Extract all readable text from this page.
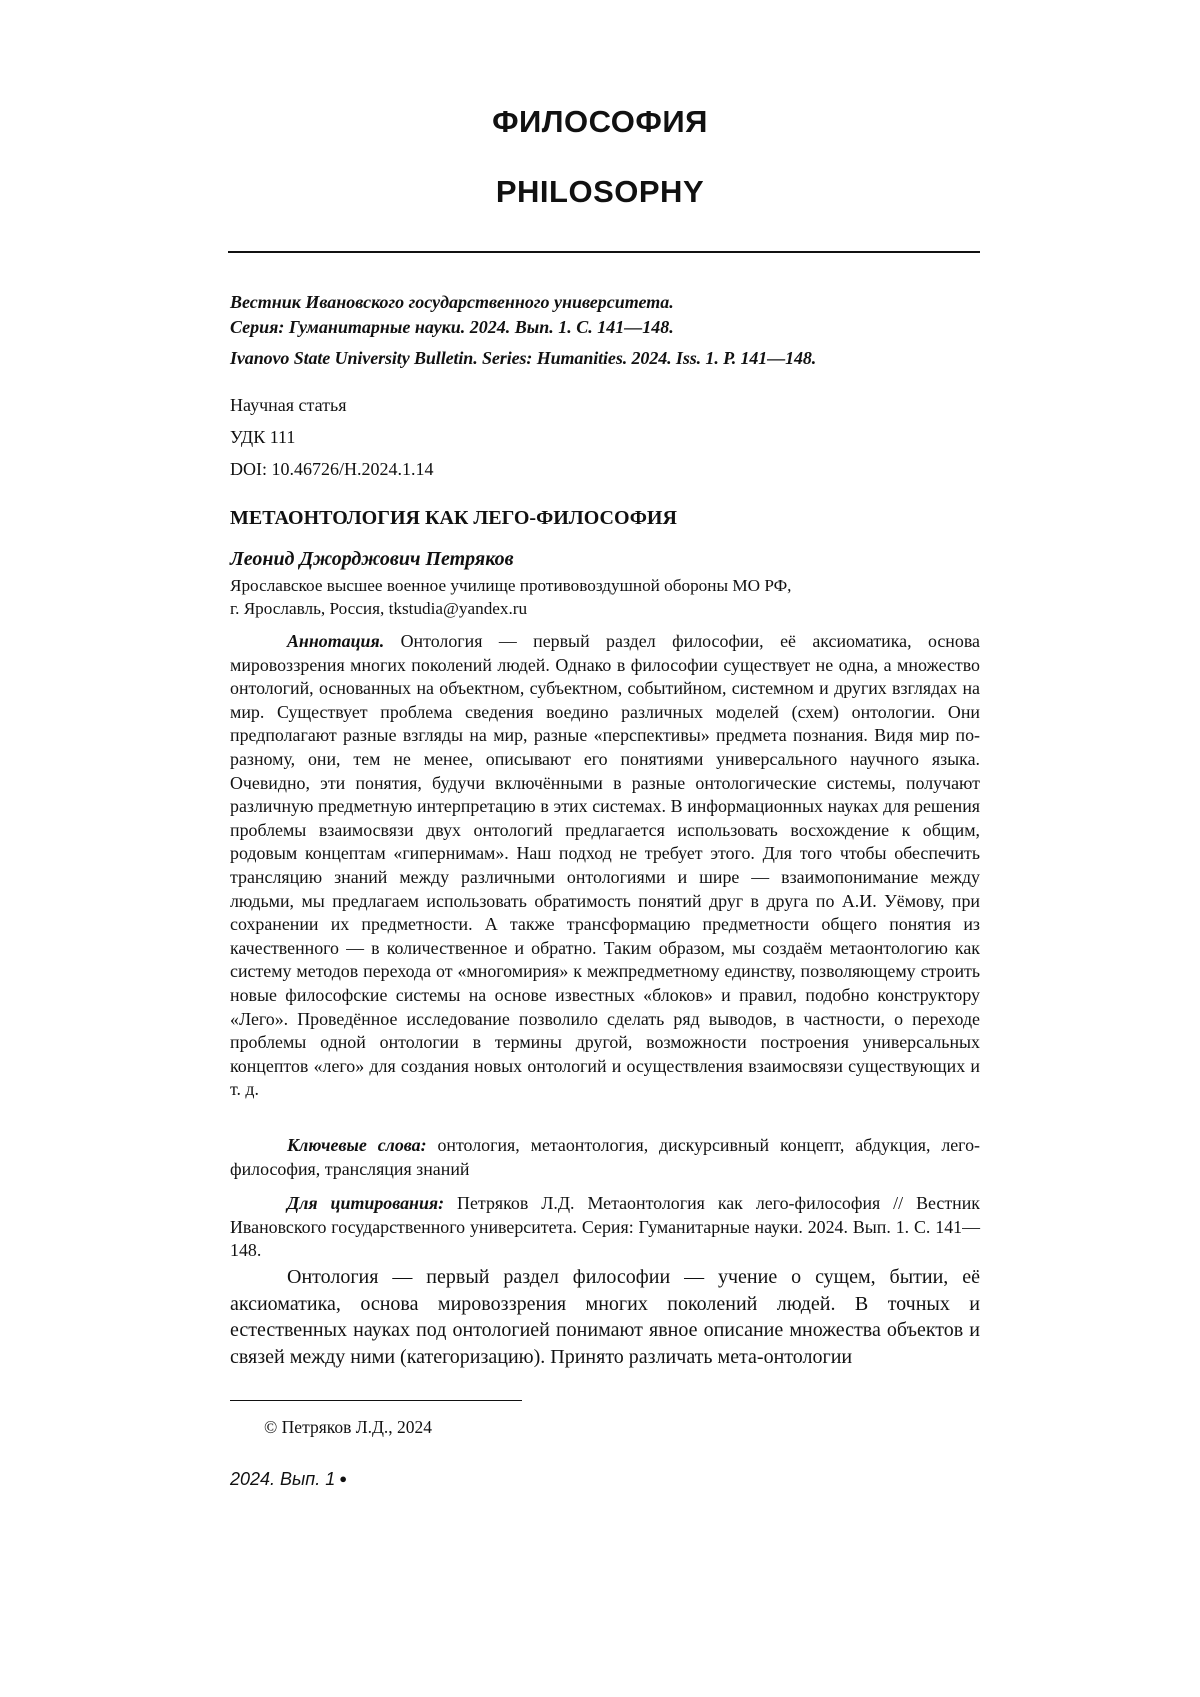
ФИЛОСОФИЯ
PHILOSOPHY
Вестник Ивановского государственного университета.
Серия: Гуманитарные науки. 2024. Вып. 1. С. 141—148.
Ivanovo State University Bulletin. Series: Humanities. 2024. Iss. 1. P. 141—148.
Научная статья
УДК 111
DOI: 10.46726/H.2024.1.14
МЕТАОНТОЛОГИЯ КАК ЛЕГО-ФИЛОСОФИЯ
Леонид Джорджович Петряков
Ярославское высшее военное училище противовоздушной обороны МО РФ,
г. Ярославль, Россия, tkstudia@yandex.ru
Аннотация. Онтология — первый раздел философии, её аксиоматика, основа мировоззрения многих поколений людей. Однако в философии существует не одна, а множество онтологий, основанных на объектном, субъектном, событийном, системном и других взглядах на мир. Существует проблема сведения воедино различных моделей (схем) онтологии. Они предполагают разные взгляды на мир, разные «перспективы» предмета познания. Видя мир по-разному, они, тем не менее, описывают его понятиями универсального научного языка. Очевидно, эти понятия, будучи включёнными в разные онтологические системы, получают различную предметную интерпретацию в этих системах. В информационных науках для решения проблемы взаимосвязи двух онтологий предлагается использовать восхождение к общим, родовым концептам «гипернимам». Наш подход не требует этого. Для того чтобы обеспечить трансляцию знаний между различными онтологиями и шире — взаимопонимание между людьми, мы предлагаем использовать обратимость понятий друг в друга по А.И. Уёмову, при сохранении их предметности. А также трансформацию предметности общего понятия из качественного — в количественное и обратно. Таким образом, мы создаём метаонтологию как систему методов перехода от «многомирия» к межпредметному единству, позволяющему строить новые философские системы на основе известных «блоков» и правил, подобно конструктору «Лего». Проведённое исследование позволило сделать ряд выводов, в частности, о переходе проблемы одной онтологии в термины другой, возможности построения универсальных концептов «лего» для создания новых онтологий и осуществления взаимосвязи существующих и т. д.
Ключевые слова: онтология, метаонтология, дискурсивный концепт, абдукция, лего-философия, трансляция знаний
Для цитирования: Петряков Л.Д. Метаонтология как лего-философия // Вестник Ивановского государственного университета. Серия: Гуманитарные науки. 2024. Вып. 1. С. 141—148.
Онтология — первый раздел философии — учение о сущем, бытии, её аксиоматика, основа мировоззрения многих поколений людей. В точных и естественных науках под онтологией понимают явное описание множества объектов и связей между ними (категоризацию). Принято различать мета-онтологии
© Петряков Л.Д., 2024
2024. Вып. 1 ●
